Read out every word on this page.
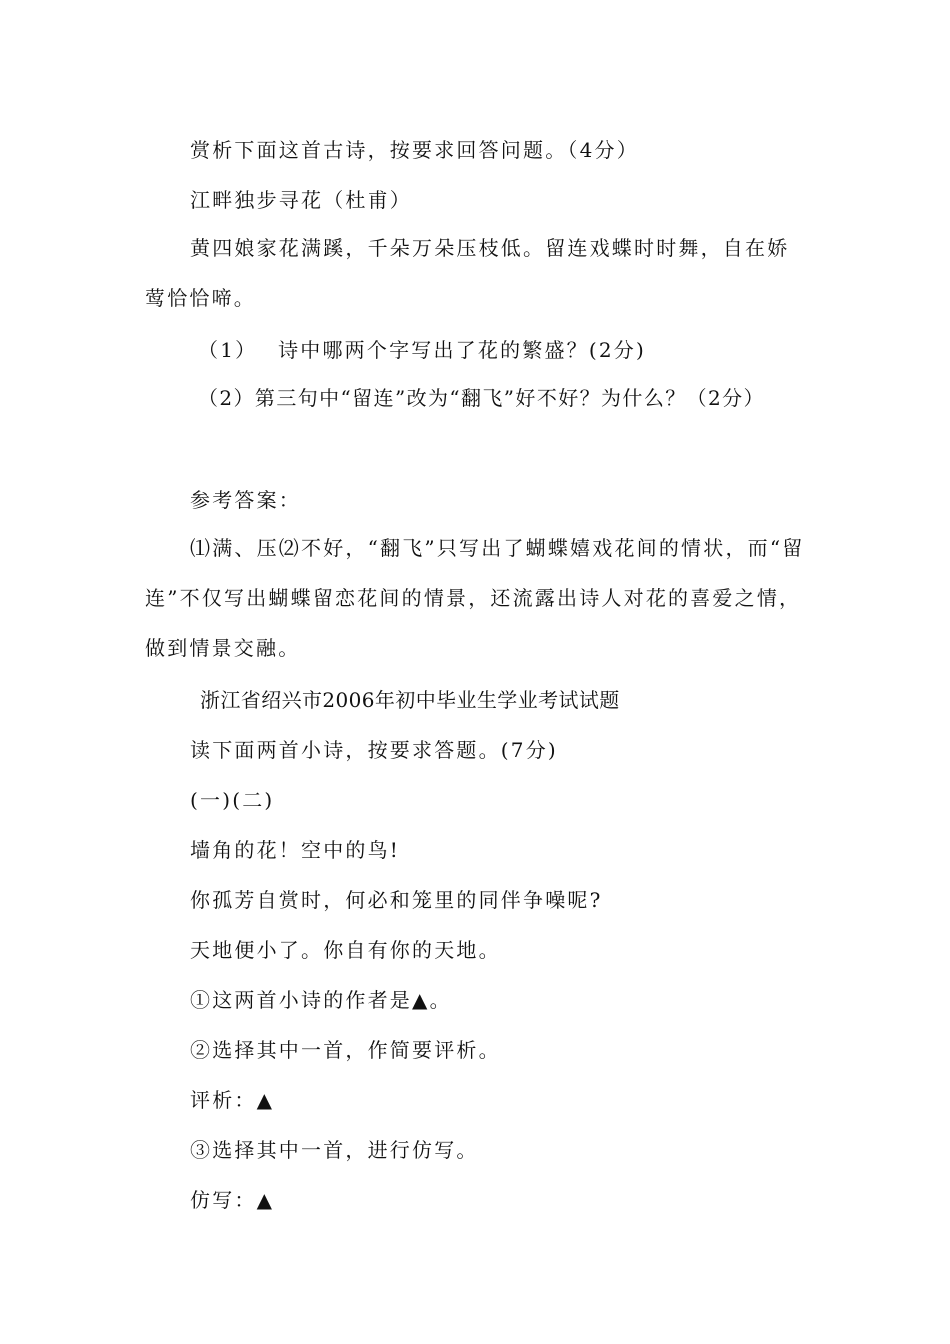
赏析下面这首古诗，按要求回答问题。（4分）
江畔独步寻花（杜甫）
黄四娘家花满蹊，千朵万朵压枝低。留连戏蝶时时舞，自在娇莺恰恰啼。
（1）　 诗中哪两个字写出了花的繁盛？(2分)
（2）第三句中“留连”改为“翻飞”好不好？为什么？（2分）
参考答案：
⑴满、压⑵不好，“翻飞”只写出了蝴蝶嬉戏花间的情状，而“留连”不仅写出蝴蝶留恋花间的情景，还流露出诗人对花的喜爱之情，做到情景交融。
浙江省绍兴市2006年初中毕业生学业考试试题
读下面两首小诗，按要求答题。(7分)
(一)(二)
墙角的花！空中的鸟!
你孤芳自赏时，何必和笼里的同伴争噪呢?
天地便小了。你自有你的天地。
①这两首小诗的作者是▲。
②选择其中一首，作简要评析。
评析：▲
③选择其中一首，进行仿写。
仿写：▲
